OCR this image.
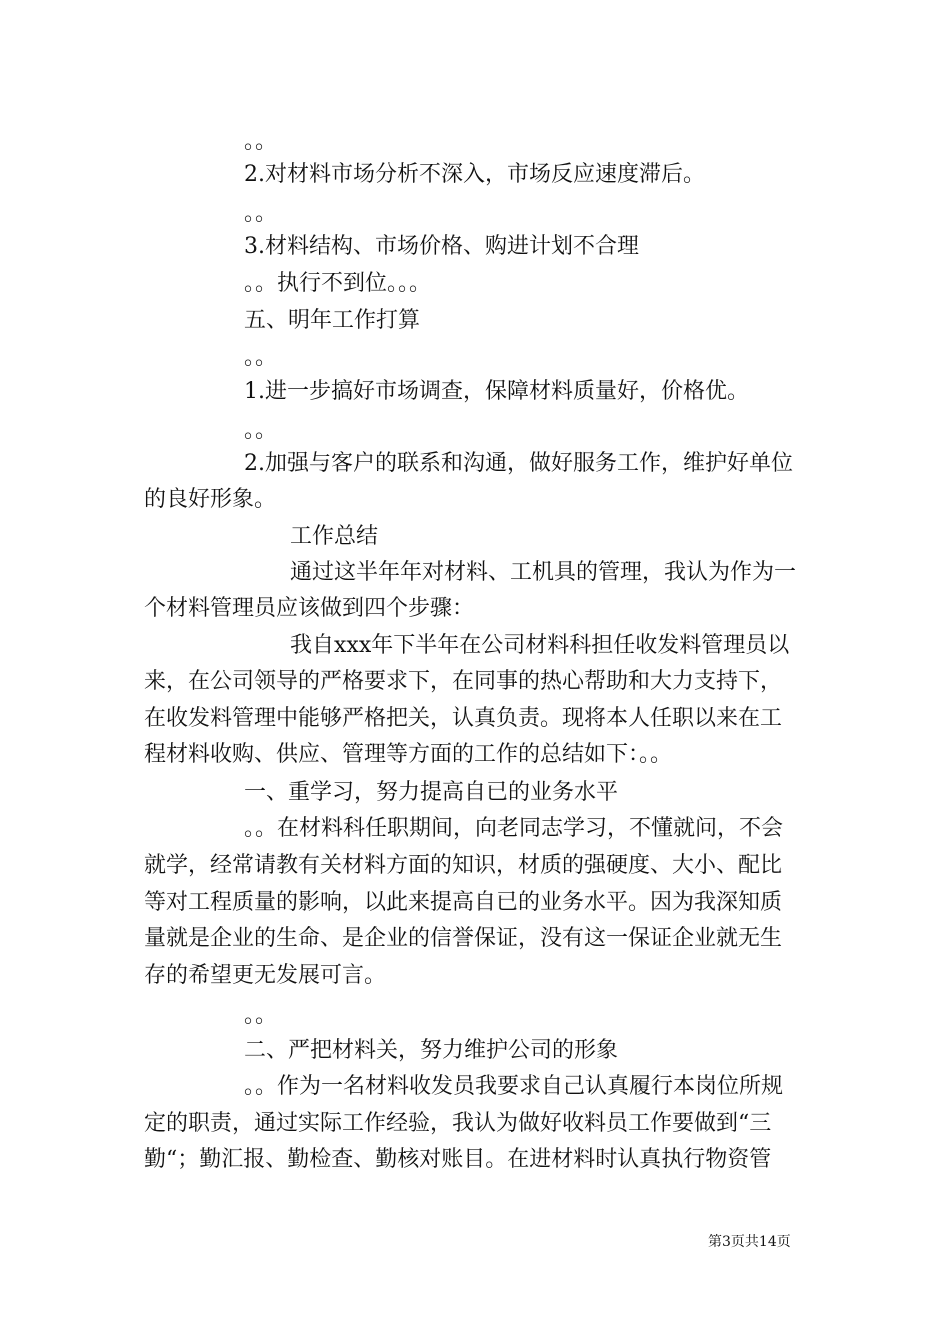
。。
2.对材料市场分析不深入，市场反应速度滞后。
。。
3.材料结构、市场价格、购进计划不合理
。。执行不到位。。。
五、明年工作打算
。。
1.进一步搞好市场调查，保障材料质量好，价格优。
。。
2.加强与客户的联系和沟通，做好服务工作，维护好单位
的良好形象。
工作总结
通过这半年年对材料、工机具的管理，我认为作为一
个材料管理员应该做到四个步骤：
我自xxx年下半年在公司材料科担任收发料管理员以
来，在公司领导的严格要求下，在同事的热心帮助和大力支持下，
在收发料管理中能够严格把关，认真负责。现将本人任职以来在工
程材料收购、供应、管理等方面的工作的总结如下：。。
一、重学习，努力提高自已的业务水平
。。在材料科任职期间，向老同志学习，不懂就问，不会
就学，经常请教有关材料方面的知识，材质的强硬度、大小、配比
等对工程质量的影响，以此来提高自已的业务水平。因为我深知质
量就是企业的生命、是企业的信誉保证，没有这一保证企业就无生
存的希望更无发展可言。
。。
二、严把材料关，努力维护公司的形象
。。作为一名材料收发员我要求自己认真履行本岗位所规
定的职责，通过实际工作经验，我认为做好收料员工作要做到“三
勤“；勤汇报、勤检查、勤核对账目。在进材料时认真执行物资管
第3页共14页
